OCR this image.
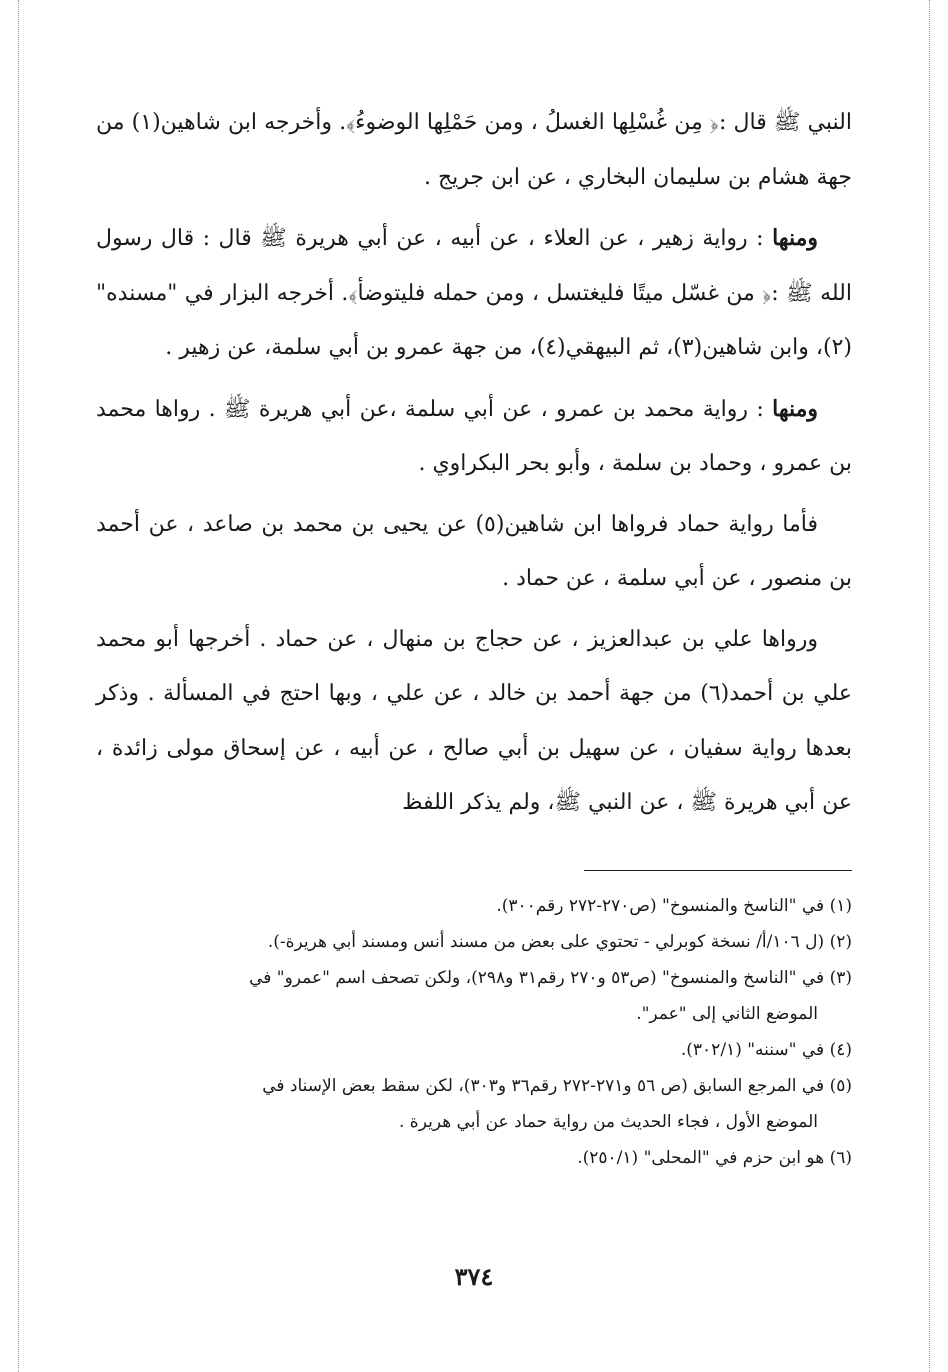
النبي ﷺ قال :﴿ مِن غُسْلِها الغسلُ ، ومن حَمْلِها الوضوءُ﴾. وأخرجه ابن شاهين(١) من جهة هشام بن سليمان البخاري ، عن ابن جريج .

ومنها : رواية زهير ، عن العلاء ، عن أبيه ، عن أبي هريرة ﷺ قال : قال رسول الله ﷺ :﴿ من غسّل ميتًا فليغتسل ، ومن حمله فليتوضأ﴾. أخرجه البزار في "مسنده"(٢)، وابن شاهين(٣)، ثم البيهقي(٤)، من جهة عمرو بن أبي سلمة، عن زهير .

ومنها : رواية محمد بن عمرو ، عن أبي سلمة ،عن أبي هريرة ﷺ . رواها محمد بن عمرو ، وحماد بن سلمة ، وأبو بحر البكراوي .

فأما رواية حماد فرواها ابن شاهين(٥) عن يحيى بن محمد بن صاعد ، عن أحمد بن منصور ، عن أبي سلمة ، عن حماد .

ورواها علي بن عبدالعزيز ، عن حجاج بن منهال ، عن حماد . أخرجها أبو محمد علي بن أحمد(٦) من جهة أحمد بن خالد ، عن علي ، وبها احتج في المسألة . وذكر بعدها رواية سفيان ، عن سهيل بن أبي صالح ، عن أبيه ، عن إسحاق مولى زائدة ، عن أبي هريرة ﷺ ، عن النبي ﷺ، ولم يذكر اللفظ

(١) في "الناسخ والمنسوخ" (ص٢٧٠-٢٧٢ رقم٣٠٠).

(٢) (ل ١٠٦/أ/ نسخة كوبرلي - تحتوي على بعض من مسند أنس ومسند أبي هريرة-).

(٣) في "الناسخ والمنسوخ" (ص٥٣ و٢٧٠ رقم٣١ و٢٩٨)، ولكن تصحف اسم "عمرو" في

الموضع الثاني إلى "عمر".

(٤) في "سننه" (٣٠٢/١).

(٥) في المرجع السابق (ص ٥٦ و٢٧١-٢٧٢ رقم٣٦ و٣٠٣)، لكن سقط بعض الإسناد في

الموضع الأول ، فجاء الحديث من رواية حماد عن أبي هريرة .

(٦) هو ابن حزم في "المحلى" (٢٥٠/١).

٣٧٤
